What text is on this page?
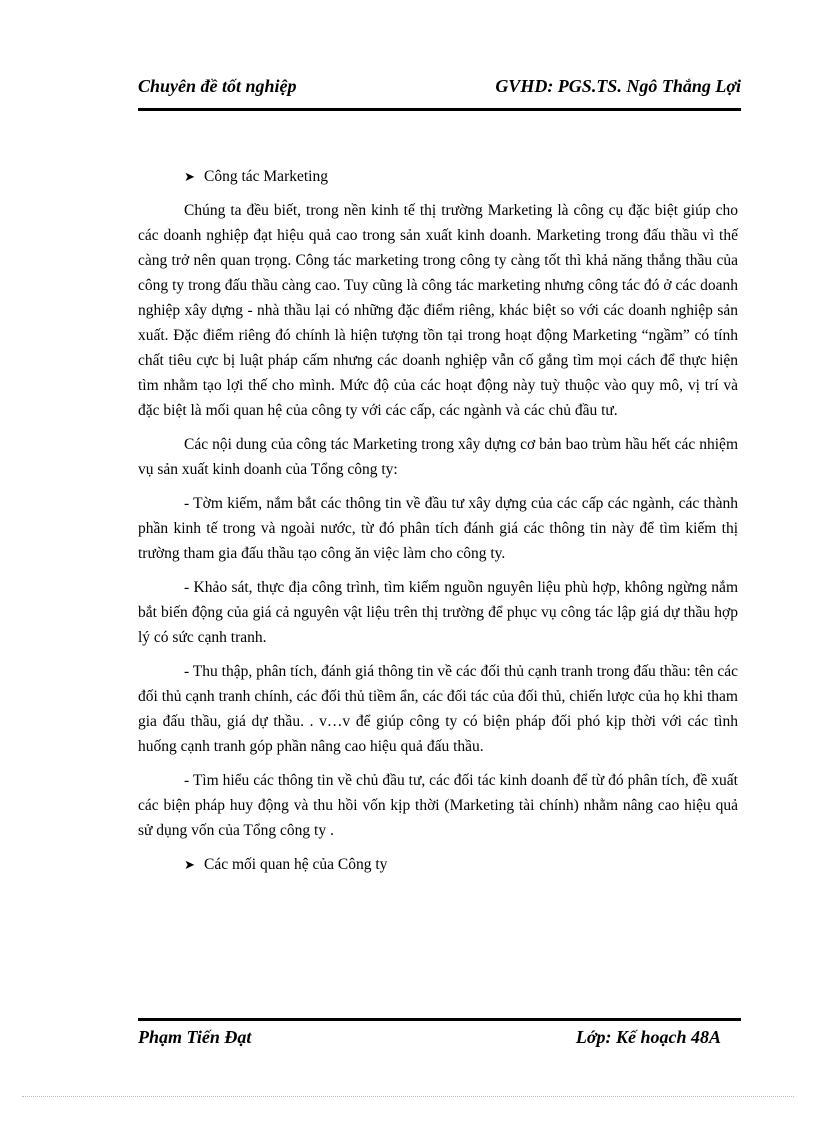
Chuyên đề tốt nghiệp	GVHD: PGS.TS. Ngô Thắng Lợi
➤ Công tác Marketing

Chúng ta đều biết, trong nền kinh tế thị trường Marketing là công cụ đặc biệt giúp cho các doanh nghiệp đạt hiệu quả cao trong sản xuất kinh doanh. Marketing trong đấu thầu vì thế càng trở nên quan trọng. Công tác marketing trong công ty càng tốt thì khả năng thắng thầu của công ty trong đấu thầu càng cao. Tuy cũng là công tác marketing nhưng công tác đó ở các doanh nghiệp xây dựng - nhà thầu lại có những đặc điểm riêng, khác biệt so với các doanh nghiệp sản xuất. Đặc điểm riêng đó chính là hiện tượng tồn tại trong hoạt động Marketing “ngầm” có tính chất tiêu cực bị luật pháp cấm nhưng các doanh nghiệp vẫn cố gắng tìm mọi cách để thực hiện tìm nhằm tạo lợi thế cho mình. Mức độ của các hoạt động này tuỳ thuộc vào quy mô, vị trí và đặc biệt là mối quan hệ của công ty với các cấp, các ngành và các chủ đầu tư.

Các nội dung của công tác Marketing trong xây dựng cơ bản bao trùm hầu hết các nhiệm vụ sản xuất kinh doanh của Tổng công ty:

- Tờm kiếm, nắm bắt các thông tin về đầu tư xây dựng của các cấp các ngành, các thành phần kinh tế trong và ngoài nước, từ đó phân tích đánh giá các thông tin này để tìm kiếm thị trường tham gia đấu thầu tạo công ăn việc làm cho công ty.

- Khảo sát, thực địa công trình, tìm kiếm nguồn nguyên liệu phù hợp, không ngừng nắm bắt biến động của giá cả nguyên vật liệu trên thị trường để phục vụ công tác lập giá dự thầu hợp lý có sức cạnh tranh.

- Thu thập, phân tích, đánh giá thông tin về các đối thủ cạnh tranh trong đấu thầu: tên các đối thủ cạnh tranh chính, các đối thủ tiềm ẩn, các đối tác của đối thủ, chiến lược của họ khi tham gia đấu thầu, giá dự thầu. . v…v để giúp công ty có biện pháp đối phó kịp thời với các tình huống cạnh tranh góp phần nâng cao hiệu quả đấu thầu.

- Tìm hiểu các thông tin về chủ đầu tư, các đối tác kinh doanh để từ đó phân tích, đề xuất các biện pháp huy động và thu hồi vốn kịp thời (Marketing tài chính) nhằm nâng cao hiệu quả sử dụng vốn của Tổng công ty .

➤ Các mối quan hệ của Công ty
Phạm Tiến Đạt	Lớp: Kế hoạch 48A
